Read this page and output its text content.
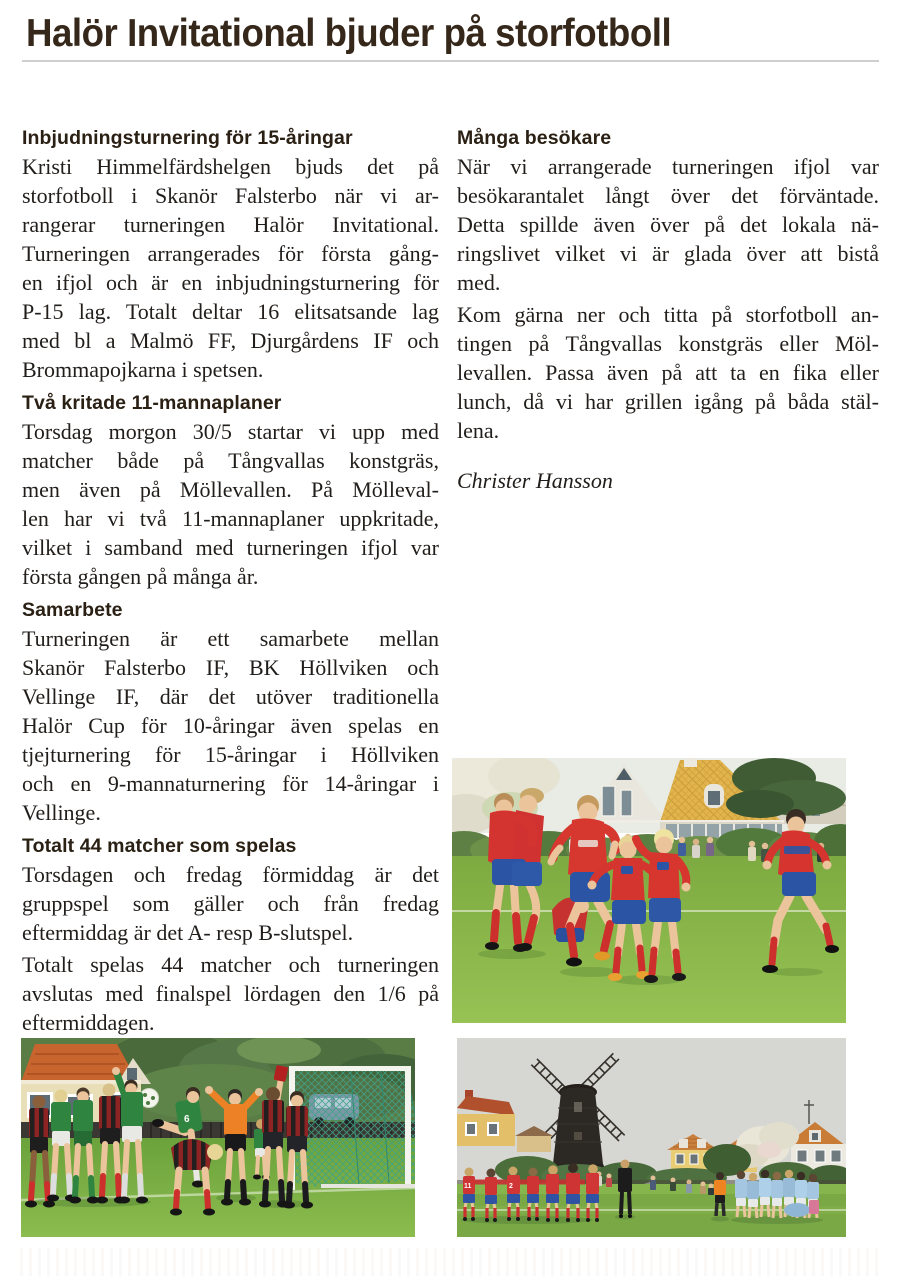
Halör Invitational bjuder på storfotboll
Inbjudningsturnering för 15-åringar
Kristi Himmelfärdshelgen bjuds det på
storfotboll i Skanör Falsterbo när vi ar-
rangerar turneringen Halör Invitational.
Turneringen arrangerades för första gång-
en ifjol och är en inbjudningsturnering för
P-15 lag. Totalt deltar 16 elitsatsande lag
med bl a Malmö FF, Djurgårdens IF och
Brommapojkarna i spetsen.
Två kritade 11-mannaplaner
Torsdag morgon 30/5 startar vi upp med
matcher både på Tångvallas konstgräs,
men även på Möllevallen. På Mölleval-
len har vi två 11-mannaplaner uppkritade,
vilket i samband med turneringen ifjol var
första gången på många år.
Samarbete
Turneringen är ett samarbete mellan
Skanör Falsterbo IF, BK Höllviken och
Vellinge IF, där det utöver traditionella
Halör Cup för 10-åringar även spelas en
tjejturnering för 15-åringar i Höllviken
och en 9-mannaturnering för 14-åringar i
Vellinge.
Totalt 44 matcher som spelas
Torsdagen och fredag förmiddag är det
gruppspel som gäller och från fredag
eftermiddag är det A- resp B-slutspel.
Totalt spelas 44 matcher och turneringen
avslutas med finalspel lördagen den 1/6 på
eftermiddagen.
Många besökare
När vi arrangerade turneringen ifjol var
besökarantalet långt över det förväntade.
Detta spillde även över på det lokala nä-
ringslivet vilket vi är glada över att bistå
med.
Kom gärna ner och titta på storfotboll an-
tingen på Tångvallas konstgräs eller Möl-
levallen. Passa även på att ta en fika eller
lunch, då vi har grillen igång på båda stäl-
lena.
Christer Hansson
6
11	2
